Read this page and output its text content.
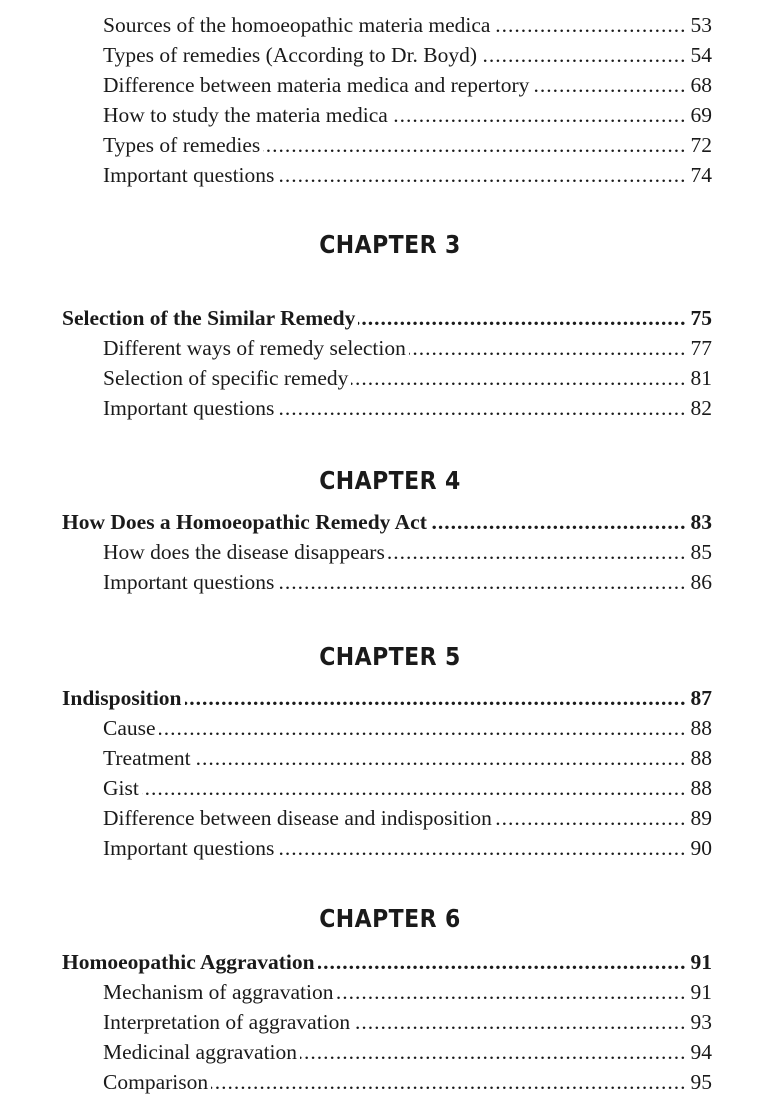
Sources of the homoeopathic materia medica .....	53
Types of remedies (According to Dr. Boyd) .....	54
Difference between materia medica and repertory .....	68
How to study the materia medica .....	69
Types of remedies .....	72
Important questions .....	74
CHAPTER 3
Selection of the Similar Remedy .....	75
Different ways of remedy selection .....	77
Selection of specific remedy .....	81
Important questions .....	82
CHAPTER 4
How Does a Homoeopathic Remedy Act .....	83
How does the disease disappears .....	85
Important questions .....	86
CHAPTER 5
Indisposition .....	87
Cause .....	88
Treatment .....	88
Gist .....	88
Difference between disease and indisposition .....	89
Important questions .....	90
CHAPTER 6
Homoeopathic Aggravation .....	91
Mechanism of aggravation .....	91
Interpretation of aggravation .....	93
Medicinal aggravation .....	94
Comparison .....	95
